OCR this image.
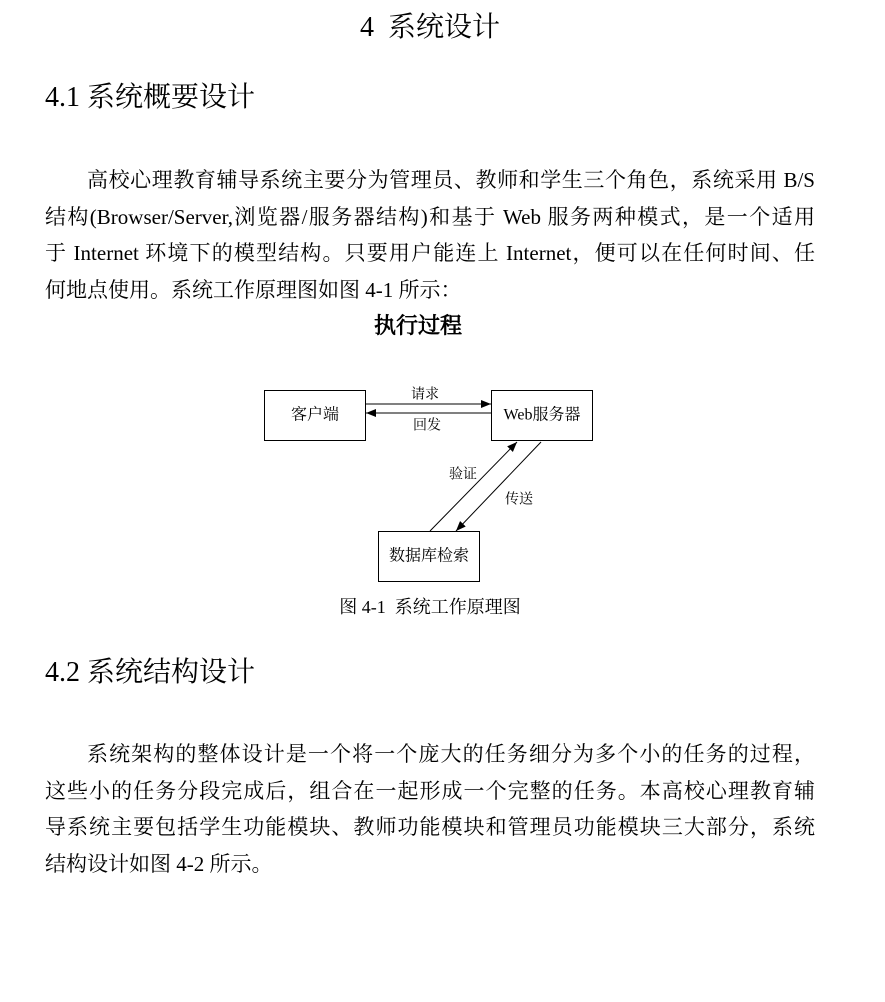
4  系统设计
4.1 系统概要设计
高校心理教育辅导系统主要分为管理员、教师和学生三个角色，系统采用 B/S
结构(Browser/Server,浏览器/服务器结构)和基于 Web 服务两种模式，是一个适用
于 Internet 环境下的模型结构。只要用户能连上 Internet，便可以在任何时间、任
何地点使用。系统工作原理图如图 4-1 所示：
执行过程
客户端	Web服务器
数据库检索
请求
回发
验证
传送
图 4-1  系统工作原理图
4.2 系统结构设计
系统架构的整体设计是一个将一个庞大的任务细分为多个小的任务的过程，
这些小的任务分段完成后，组合在一起形成一个完整的任务。本高校心理教育辅
导系统主要包括学生功能模块、教师功能模块和管理员功能模块三大部分，系统
结构设计如图 4-2 所示。
